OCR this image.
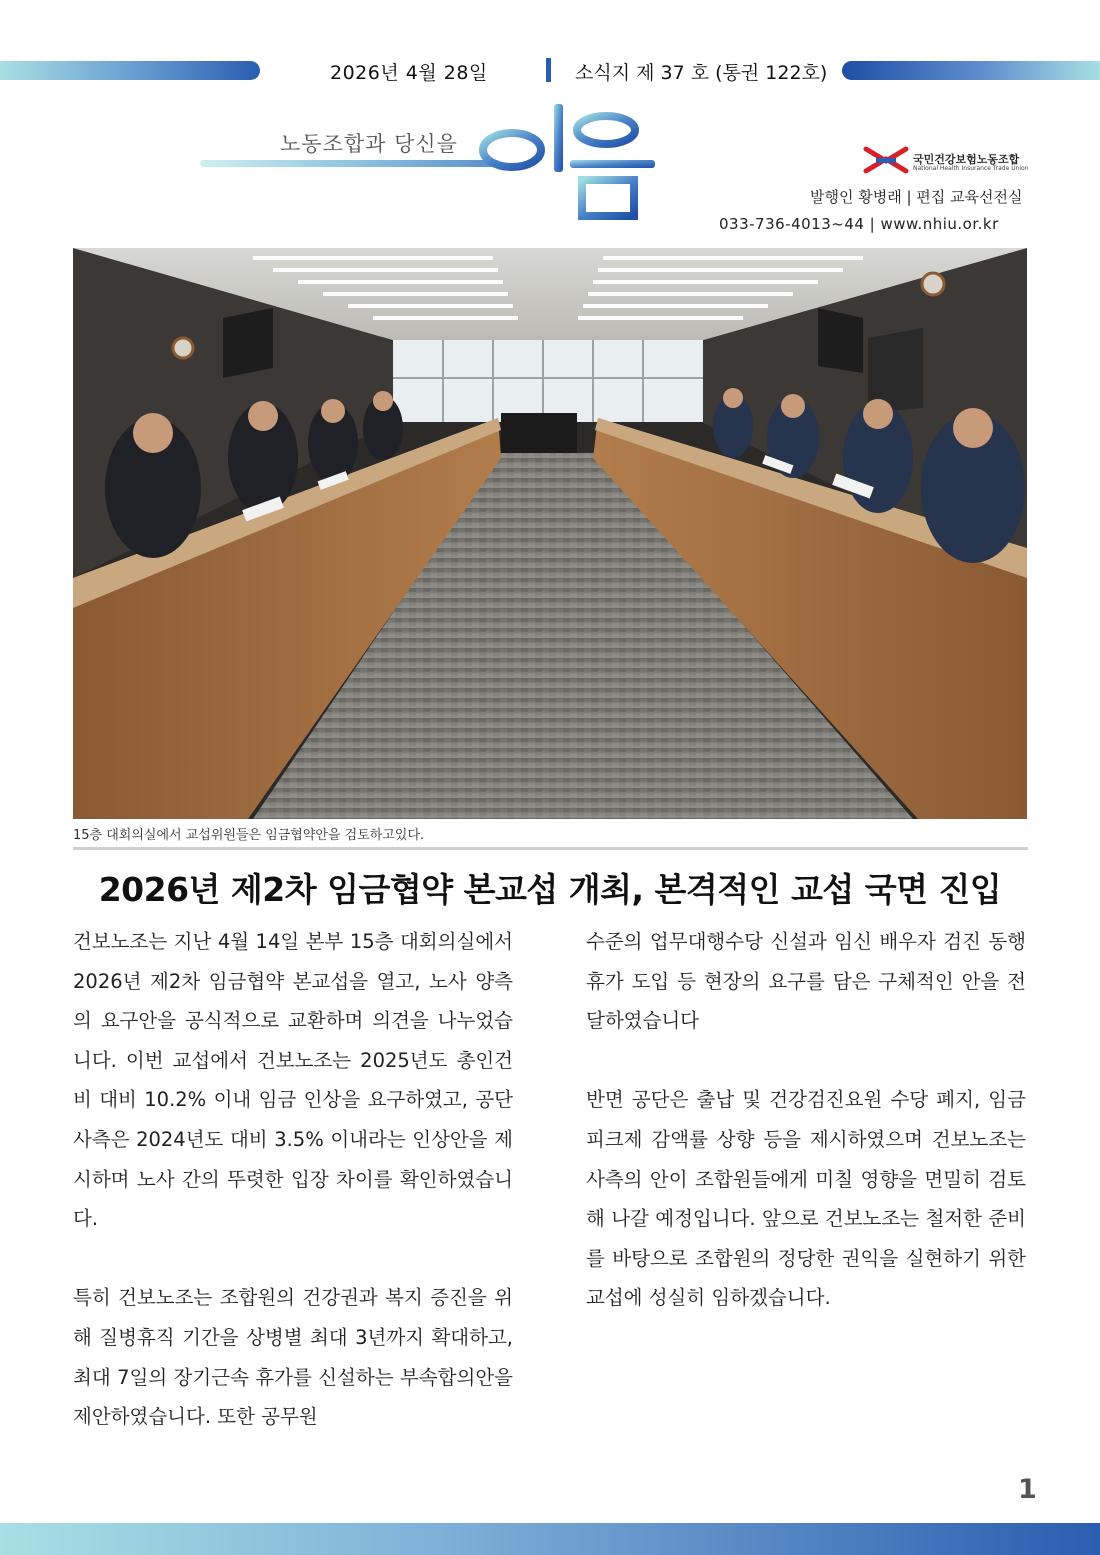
2026년 4월 28일	소식지 제 37 호 (통권 122호)
노동조합과 당신을
국민건강보험노동조합
National Health Insurance Trade Union
발행인 황병래 | 편집 교육선전실
033-736-4013~44 | www.nhiu.or.kr
15층 대회의실에서 교섭위원들은 임금협약안을 검토하고있다.
2026년 제2차 임금협약 본교섭 개최, 본격적인 교섭 국면 진입

건보노조는 지난 4월 14일 본부 15층 대회의실에서 2026년 제2차 임금협약 본교섭을 열고, 노사 양측의 요구안을 공식적으로 교환하며 의견을 나누었습니다. 이번 교섭에서 건보노조는 2025년도 총인건비 대비 10.2% 이내 임금 인상을 요구하였고, 공단 사측은 2024년도 대비 3.5% 이내라는 인상안을 제시하며 노사 간의 뚜렷한 입장 차이를 확인하였습니다.

특히 건보노조는 조합원의 건강권과 복지 증진을 위해 질병휴직 기간을 상병별 최대 3년까지 확대하고, 최대 7일의 장기근속 휴가를 신설하는 부속합의안을 제안하였습니다. 또한 공무원

수준의 업무대행수당 신설과 임신 배우자 검진 동행 휴가 도입 등 현장의 요구를 담은 구체적인 안을 전달하였습니다

반면 공단은 출납 및 건강검진요원 수당 폐지, 임금피크제 감액률 상향 등을 제시하였으며 건보노조는 사측의 안이 조합원들에게 미칠 영향을 면밀히 검토해 나갈 예정입니다. 앞으로 건보노조는 철저한 준비를 바탕으로 조합원의 정당한 권익을 실현하기 위한 교섭에 성실히 임하겠습니다.

1
